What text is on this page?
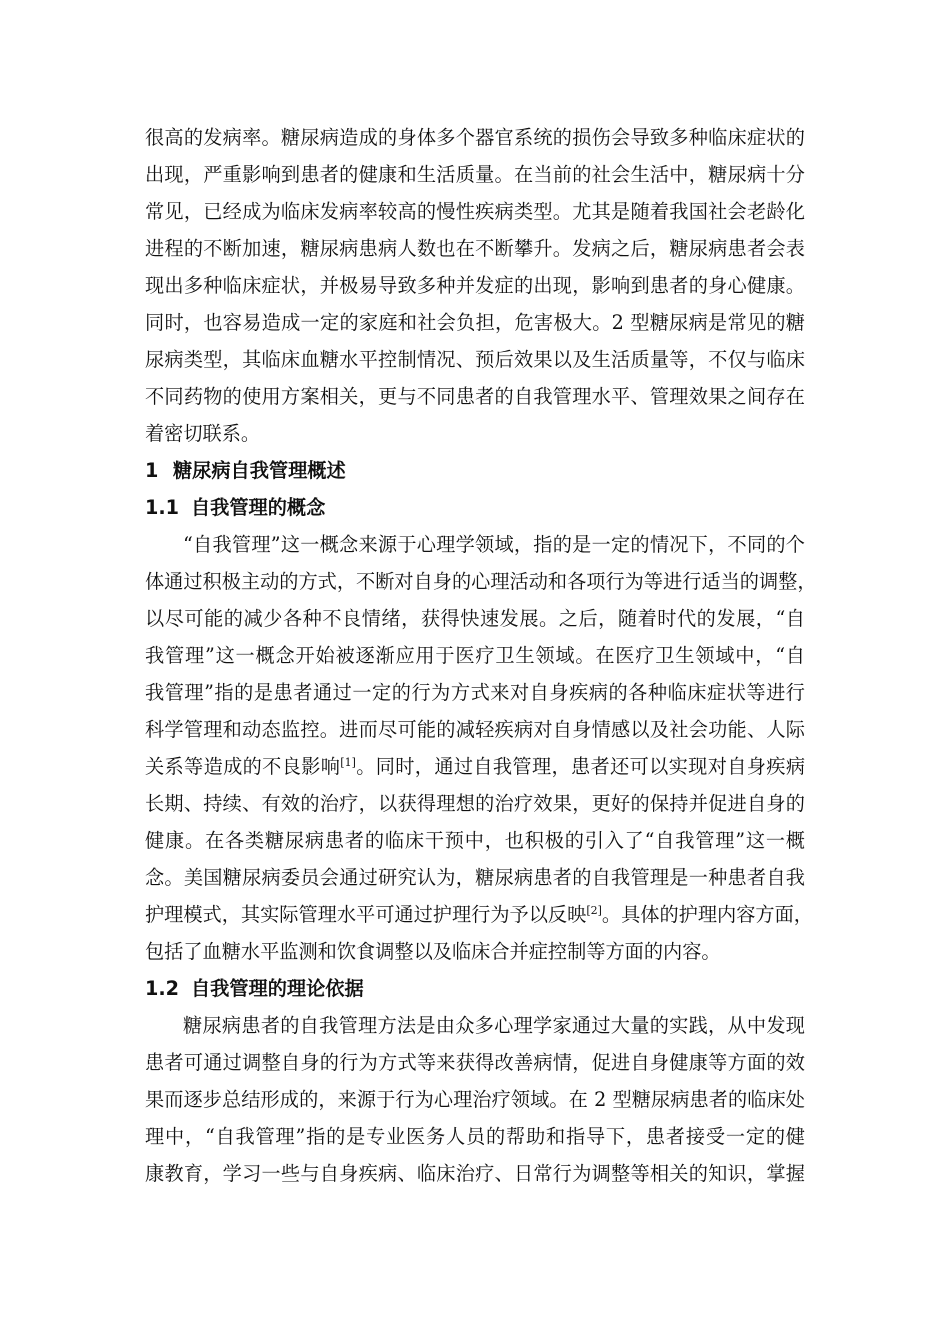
很高的发病率。糖尿病造成的身体多个器官系统的损伤会导致多种临床症状的
出现，严重影响到患者的健康和生活质量。在当前的社会生活中，糖尿病十分
常见，已经成为临床发病率较高的慢性疾病类型。尤其是随着我国社会老龄化
进程的不断加速，糖尿病患病人数也在不断攀升。发病之后，糖尿病患者会表
现出多种临床症状，并极易导致多种并发症的出现，影响到患者的身心健康。
同时，也容易造成一定的家庭和社会负担，危害极大。2 型糖尿病是常见的糖
尿病类型，其临床血糖水平控制情况、预后效果以及生活质量等，不仅与临床
不同药物的使用方案相关，更与不同患者的自我管理水平、管理效果之间存在
着密切联系。
1 糖尿病自我管理概述
1.1 自我管理的概念
“自我管理”这一概念来源于心理学领域，指的是一定的情况下，不同的个
体通过积极主动的方式，不断对自身的心理活动和各项行为等进行适当的调整，
以尽可能的减少各种不良情绪，获得快速发展。之后，随着时代的发展，“自
我管理”这一概念开始被逐渐应用于医疗卫生领域。在医疗卫生领域中，“自
我管理”指的是患者通过一定的行为方式来对自身疾病的各种临床症状等进行
科学管理和动态监控。进而尽可能的减轻疾病对自身情感以及社会功能、人际
关系等造成的不良影响[1]。同时，通过自我管理，患者还可以实现对自身疾病
长期、持续、有效的治疗，以获得理想的治疗效果，更好的保持并促进自身的
健康。在各类糖尿病患者的临床干预中，也积极的引入了“自我管理”这一概
念。美国糖尿病委员会通过研究认为，糖尿病患者的自我管理是一种患者自我
护理模式，其实际管理水平可通过护理行为予以反映[2]。具体的护理内容方面，
包括了血糖水平监测和饮食调整以及临床合并症控制等方面的内容。
1.2 自我管理的理论依据
糖尿病患者的自我管理方法是由众多心理学家通过大量的实践，从中发现
患者可通过调整自身的行为方式等来获得改善病情，促进自身健康等方面的效
果而逐步总结形成的，来源于行为心理治疗领域。在 2 型糖尿病患者的临床处
理中，“自我管理”指的是专业医务人员的帮助和指导下，患者接受一定的健
康教育，学习一些与自身疾病、临床治疗、日常行为调整等相关的知识，掌握
